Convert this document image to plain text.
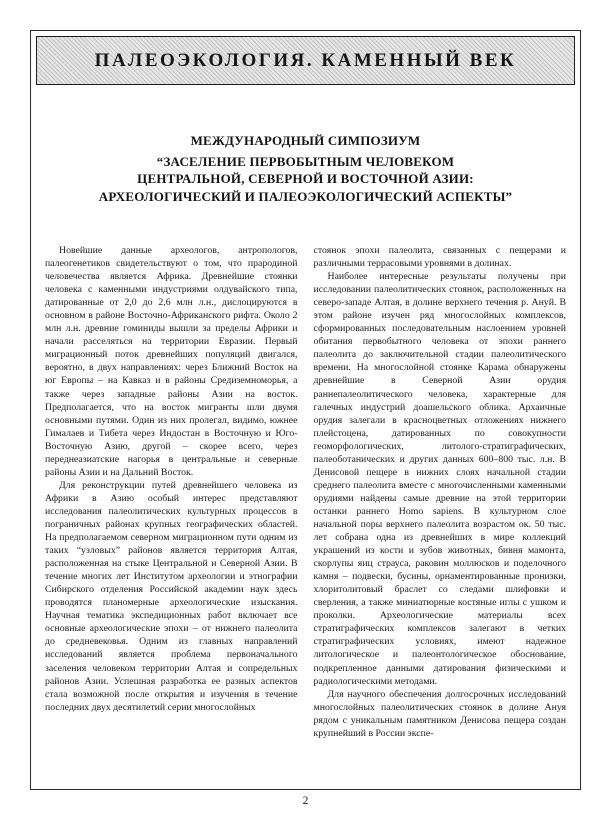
ПАЛЕОЭКОЛОГИЯ. КАМЕННЫЙ ВЕК
МЕЖДУНАРОДНЫЙ СИМПОЗИУМ
“ЗАСЕЛЕНИЕ ПЕРВОБЫТНЫМ ЧЕЛОВЕКОМ
ЦЕНТРАЛЬНОЙ, СЕВЕРНОЙ И ВОСТОЧНОЙ АЗИИ:
АРХЕОЛОГИЧЕСКИЙ И ПАЛЕОЭКОЛОГИЧЕСКИЙ АСПЕКТЫ”

Новейшие данные археологов, антропологов, палеогенетиков свидетельствуют о том, что прародиной человечества является Африка. Древнейшие стоянки человека с каменными индустриями олдувайского типа, датированные от 2,0 до 2,6 млн л.н., дислоцируются в основном в районе Восточно-Африканского рифта. Около 2 млн л.н. древние гоминиды вышли за пределы Африки и начали расселяться на территории Евразии. Первый миграционный поток древнейших популяций двигался, вероятно, в двух направлениях: через Ближний Восток на юг Европы – на Кавказ и в районы Средиземноморья, а также через западные районы Азии на восток. Предполагается, что на восток мигранты шли двумя основными путями. Один из них пролегал, видимо, южнее Гималаев и Тибета через Индостан в Восточную и Юго-Восточную Азию, другой – скорее всего, через переднеазиатские нагорья в центральные и северные районы Азии и на Дальний Восток.

Для реконструкции путей древнейшего человека из Африки в Азию особый интерес представляют исследования палеолитических культурных процессов в пограничных районах крупных географических областей. На предполагаемом северном миграционном пути одним из таких “узловых” районов является территория Алтая, расположенная на стыке Центральной и Северной Азии. В течение многих лет Институтом археологии и этнографии Сибирского отделения Российской академии наук здесь проводятся планомерные археологические изыскания. Научная тематика экспедиционных работ включает все основные археологические эпохи – от нижнего палеолита до средневековья. Одним из главных направлений исследований является проблема первоначального заселения человеком территории Алтая и сопредельных районов Азии. Успешная разработка ее разных аспектов стала возможной после открытия и изучения в течение последних двух десятилетий серии многослойных

стоянок эпохи палеолита, связанных с пещерами и различными террасовыми уровнями в долинах.

Наиболее интересные результаты получены при исследовании палеолитических стоянок, расположенных на северо-западе Алтая, в долине верхнего течения р. Ануй. В этом районе изучен ряд многослойных комплексов, сформированных последовательным наслоением уровней обитания первобытного человека от эпохи раннего палеолита до заключительной стадии палеолитического времени. На многослойной стоянке Карама обнаружены древнейшие в Северной Азии орудия раннепалеолитического человека, характерные для галечных индустрий доашельского облика. Архаичные орудия залегали в красноцветных отложениях нижнего плейстоцена, датированных по совокупности геоморфологических, литолого-стратиграфических, палеоботанических и других данных 600–800 тыс. л.н. В Денисовой пещере в нижних слоях начальной стадии среднего палеолита вместе с многочисленными каменными орудиями найдены самые древние на этой территории останки раннего Homo sapiens. В культурном слое начальной поры верхнего палеолита возрастом ок. 50 тыс. лет собрана одна из древнейших в мире коллекций украшений из кости и зубов животных, бивня мамонта, скорлупы яиц страуса, раковин моллюсков и поделочного камня – подвески, бусины, орнаментированные пронизки, хлоритолитовый браслет со следами шлифовки и сверления, а также миниатюрные костяные иглы с ушком и проколки. Археологические материалы всех стратиграфических комплексов залегают в четких стратиграфических условиях, имеют надежное литологическое и палеонтологическое обоснование, подкрепленное данными датирования физическими и радиологическими методами.

Для научного обеспечения долгосрочных исследований многослойных палеолитических стоянок в долине Ануя рядом с уникальным памятником Денисова пещера создан крупнейший в России экспе-

2
